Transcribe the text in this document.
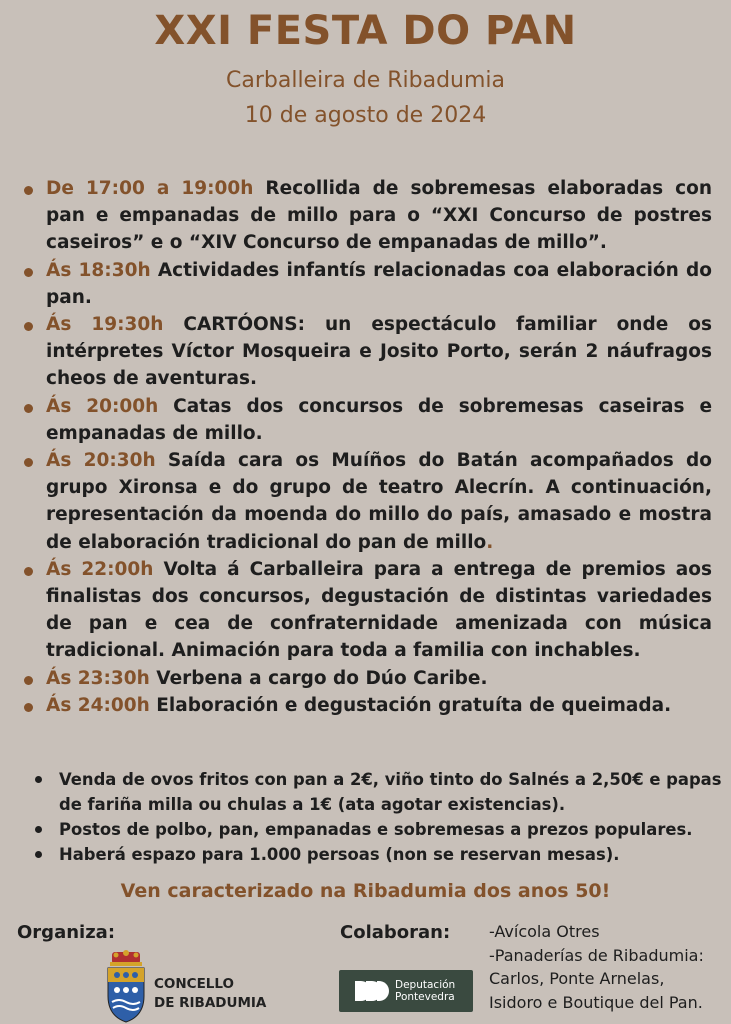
XXI FESTA DO PAN
Carballeira de Ribadumia
10 de agosto de 2024
De 17:00 a 19:00h Recollida de sobremesas elaboradas con pan e empanadas de millo para o “XXI Concurso de postres caseiros” e o “XIV Concurso de empanadas de millo”.
Ás 18:30h Actividades infantís relacionadas coa elaboración do pan.
Ás 19:30h CARTÓONS: un espectáculo familiar onde os intérpretes Víctor Mosqueira e Josito Porto, serán 2 náufragos cheos de aventuras.
Ás 20:00h Catas dos concursos de sobremesas caseiras e empanadas de millo.
Ás 20:30h Saída cara os Muíños do Batán acompañados do grupo Xironsa e do grupo de teatro Alecrín. A continuación, representación da moenda do millo do país, amasado e mostra de elaboración tradicional do pan de millo.
Ás 22:00h Volta á Carballeira para a entrega de premios aos finalistas dos concursos, degustación de distintas variedades de pan e cea de confraternidade amenizada con música tradicional. Animación para toda a familia con inchables.
Ás 23:30h Verbena a cargo do Dúo Caribe.
Ás 24:00h Elaboración e degustación gratuíta de queimada.
Venda de ovos fritos con pan a 2€, viño tinto do Salnés a 2,50€ e papas de fariña milla ou chulas a 1€ (ata agotar existencias).
Postos de polbo, pan, empanadas e sobremesas a prezos populares.
Haberá espazo para 1.000 persoas (non se reservan mesas).
Ven caracterizado na Ribadumia dos anos 50!
Organiza:	Colaboran: -Avícola Otres
-Panaderías de Ribadumia:
Carlos, Ponte Arnelas,
Isidoro e Boutique del Pan.
CONCELLO
DE RIBADUMIA
Deputación
Pontevedra
